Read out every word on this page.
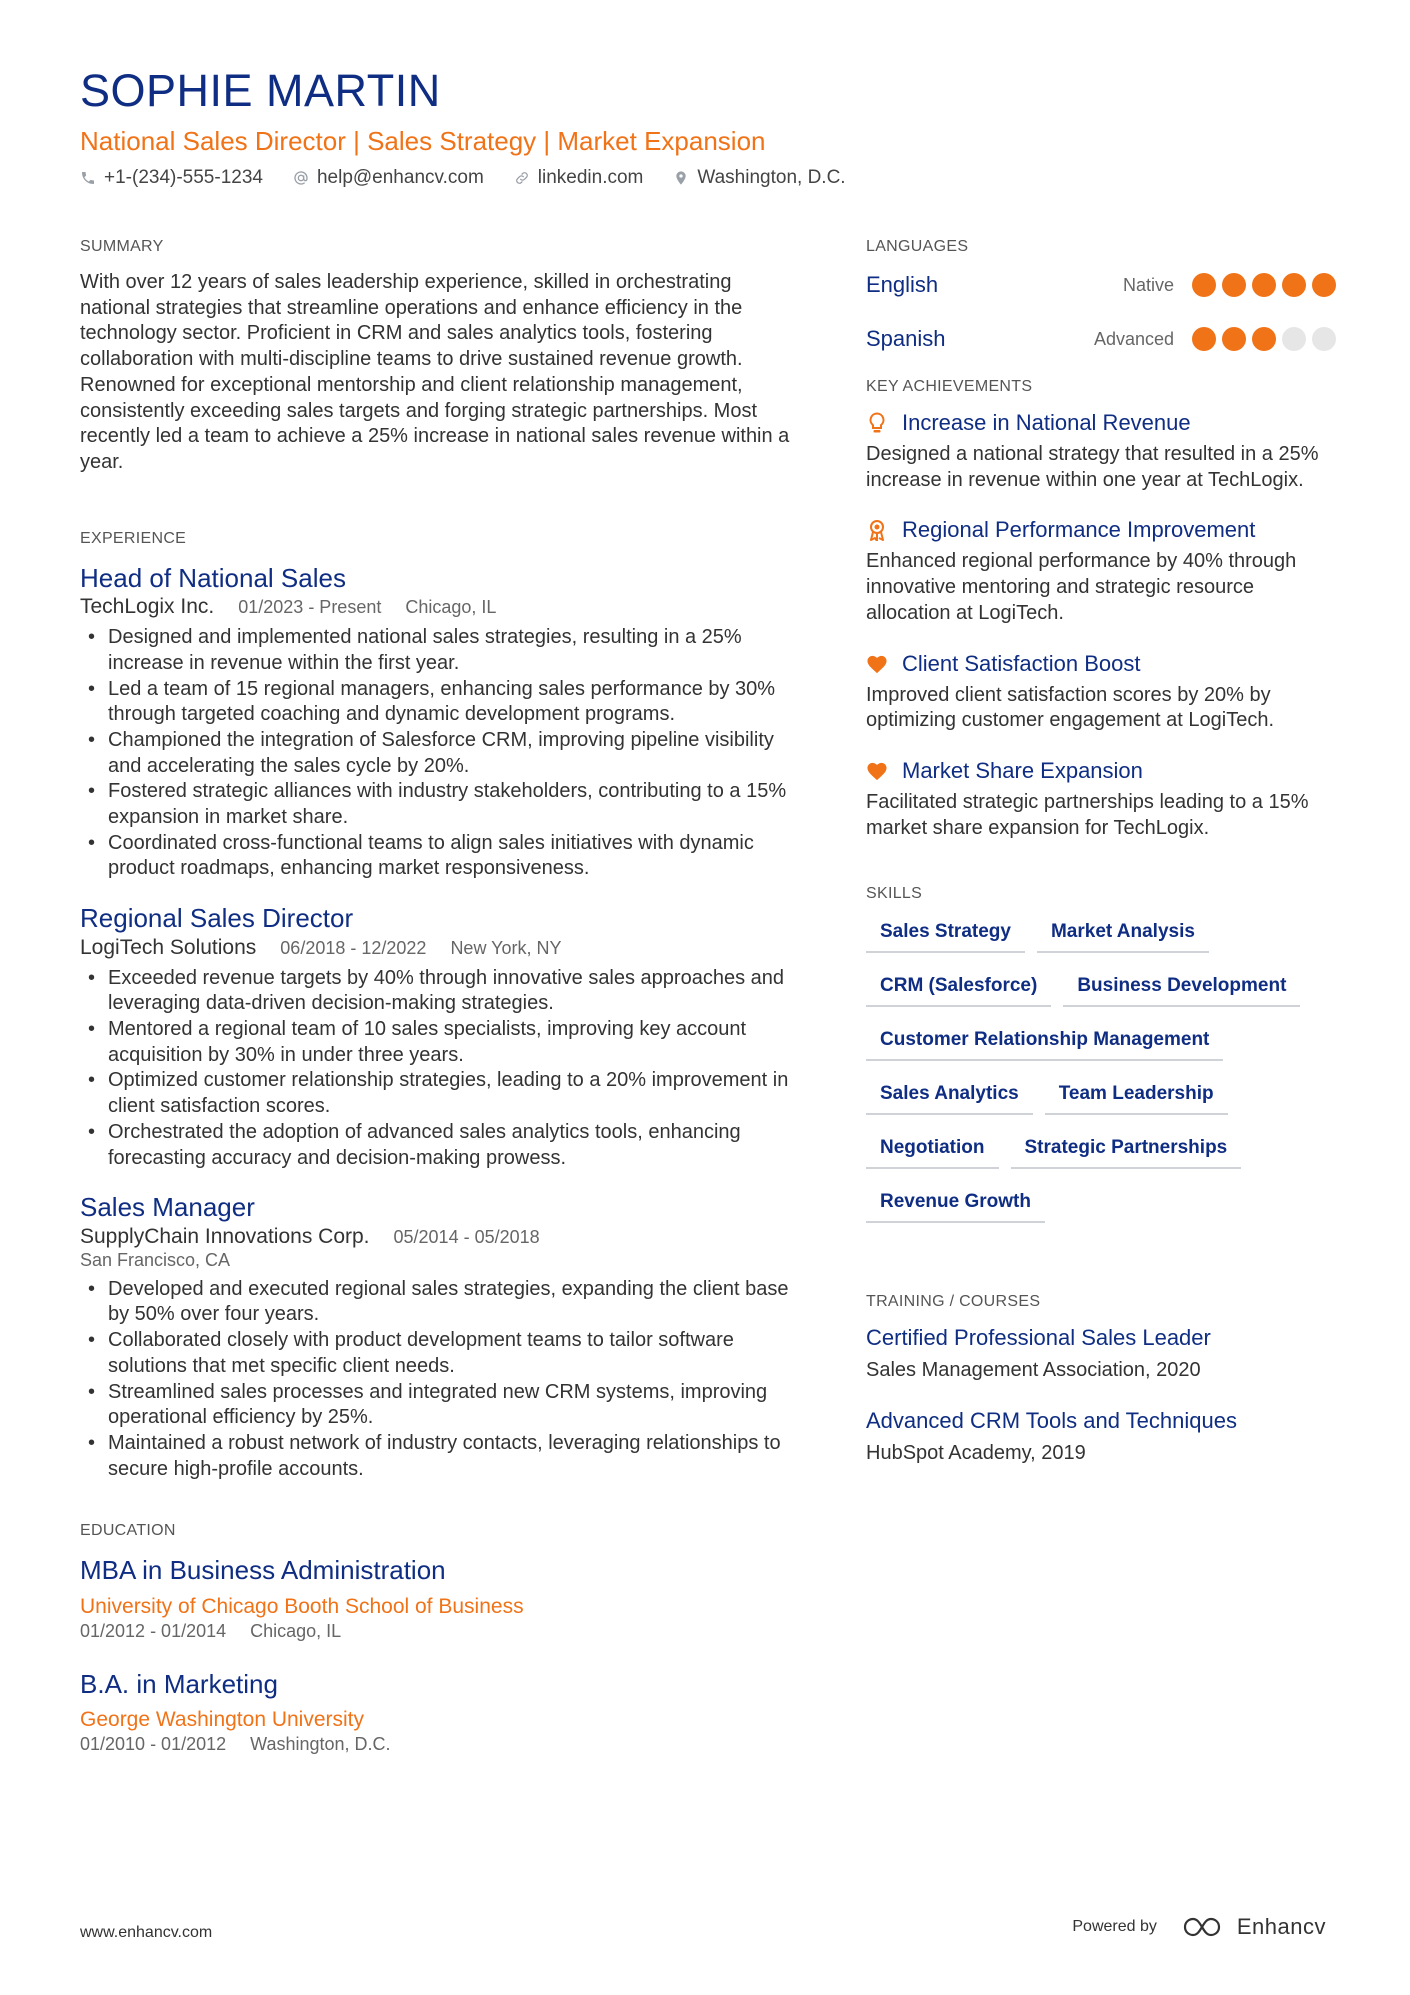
SOPHIE MARTIN
National Sales Director | Sales Strategy | Market Expansion
+1-(234)-555-1234	help@enhancv.com	linkedin.com	Washington, D.C.
SUMMARY

With over 12 years of sales leadership experience, skilled in orchestrating national strategies that streamline operations and enhance efficiency in the technology sector. Proficient in CRM and sales analytics tools, fostering collaboration with multi-discipline teams to drive sustained revenue growth. Renowned for exceptional mentorship and client relationship management, consistently exceeding sales targets and forging strategic partnerships. Most recently led a team to achieve a 25% increase in national sales revenue within a year.

EXPERIENCE
Head of National Sales
TechLogix Inc. 01/2023 - Present Chicago, IL
• Designed and implemented national sales strategies, resulting in a 25% increase in revenue within the first year.
• Led a team of 15 regional managers, enhancing sales performance by 30% through targeted coaching and dynamic development programs.
• Championed the integration of Salesforce CRM, improving pipeline visibility and accelerating the sales cycle by 20%.
• Fostered strategic alliances with industry stakeholders, contributing to a 15% expansion in market share.
• Coordinated cross-functional teams to align sales initiatives with dynamic product roadmaps, enhancing market responsiveness.
Regional Sales Director
LogiTech Solutions 06/2018 - 12/2022 New York, NY
• Exceeded revenue targets by 40% through innovative sales approaches and leveraging data-driven decision-making strategies.
• Mentored a regional team of 10 sales specialists, improving key account acquisition by 30% in under three years.
• Optimized customer relationship strategies, leading to a 20% improvement in client satisfaction scores.
• Orchestrated the adoption of advanced sales analytics tools, enhancing forecasting accuracy and decision-making prowess.
Sales Manager
SupplyChain Innovations Corp. 05/2014 - 05/2018
San Francisco, CA
• Developed and executed regional sales strategies, expanding the client base by 50% over four years.
• Collaborated closely with product development teams to tailor software solutions that met specific client needs.
• Streamlined sales processes and integrated new CRM systems, improving operational efficiency by 25%.
• Maintained a robust network of industry contacts, leveraging relationships to secure high-profile accounts.
EDUCATION
MBA in Business Administration
University of Chicago Booth School of Business
01/2012 - 01/2014 Chicago, IL
B.A. in Marketing
George Washington University
01/2010 - 01/2012 Washington, D.C.
LANGUAGES
English	Native
Spanish	Advanced
KEY ACHIEVEMENTS
Increase in National Revenue
Designed a national strategy that resulted in a 25% increase in revenue within one year at TechLogix.
Regional Performance Improvement
Enhanced regional performance by 40% through innovative mentoring and strategic resource allocation at LogiTech.
Client Satisfaction Boost
Improved client satisfaction scores by 20% by optimizing customer engagement at LogiTech.
Market Share Expansion
Facilitated strategic partnerships leading to a 15% market share expansion for TechLogix.
SKILLS
Sales Strategy	Market Analysis
CRM (Salesforce)	Business Development
Customer Relationship Management
Sales Analytics	Team Leadership
Negotiation	Strategic Partnerships
Revenue Growth
TRAINING / COURSES
Certified Professional Sales Leader
Sales Management Association, 2020
Advanced CRM Tools and Techniques
HubSpot Academy, 2019
www.enhancv.com	Powered by	Enhancv
